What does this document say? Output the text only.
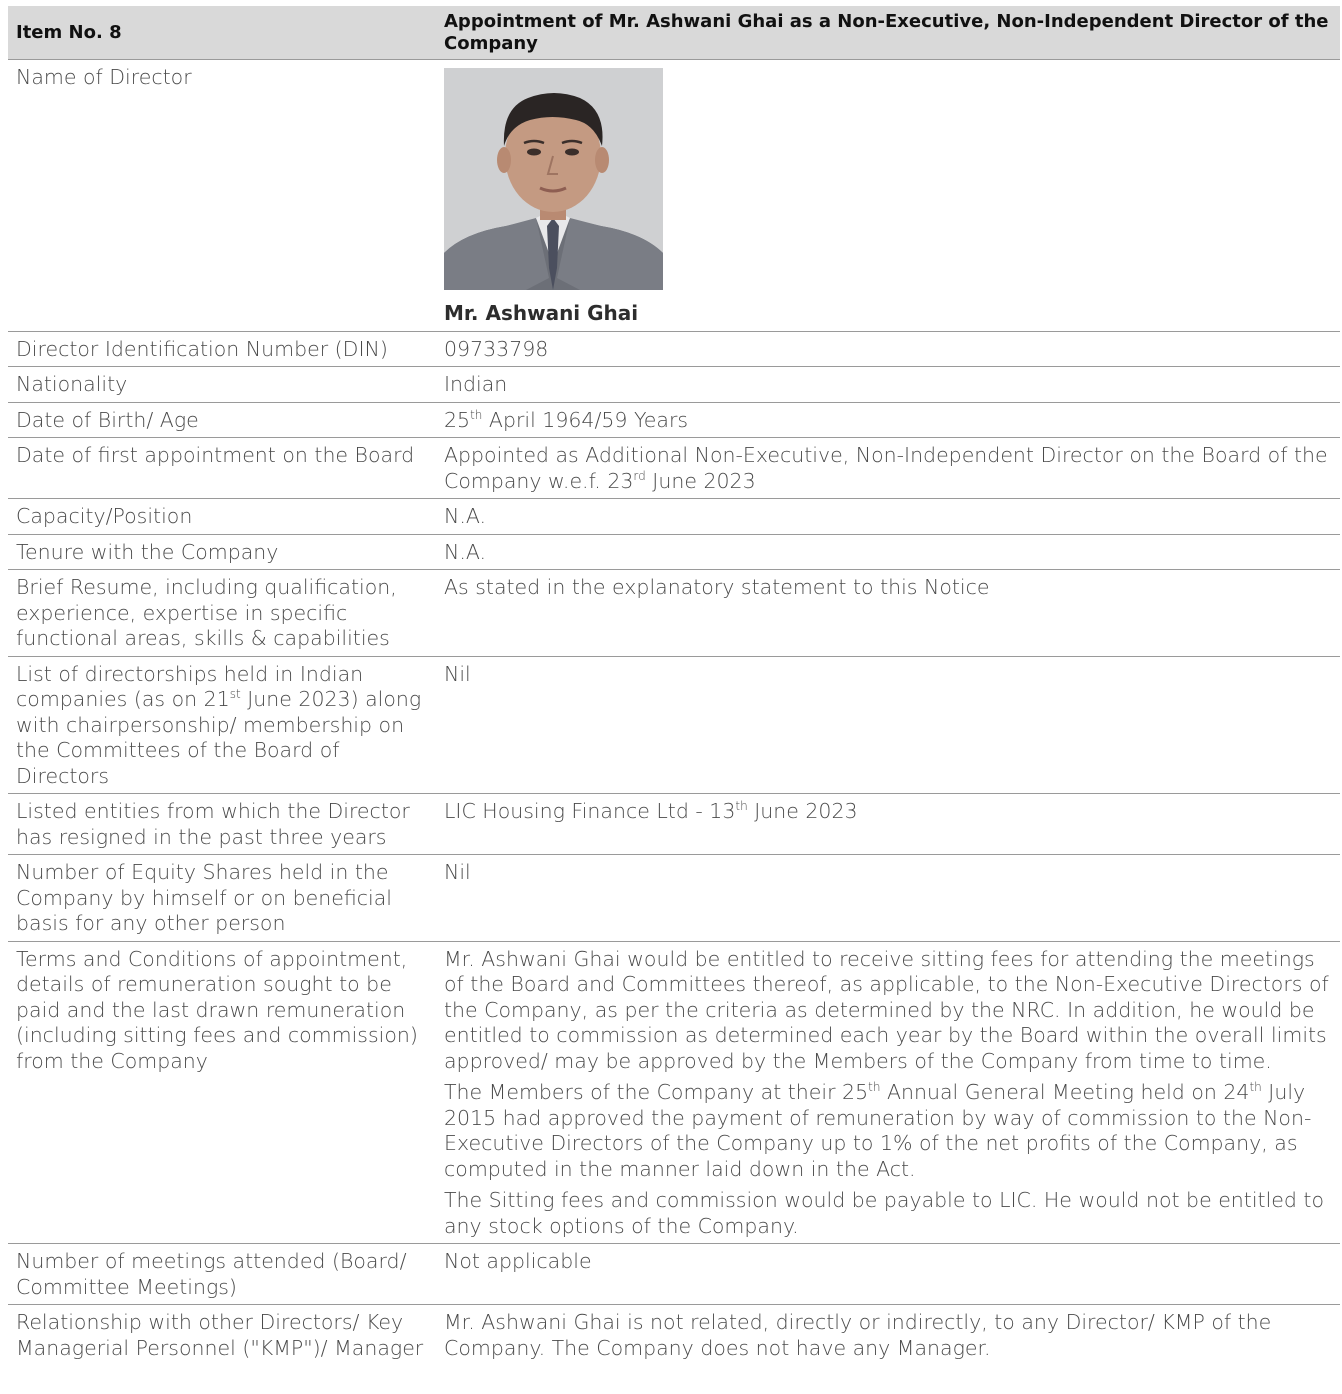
Item No. 8	Appointment of Mr. Ashwani Ghai as a Non-Executive, Non-Independent Director of the Company
Name of Director	Mr. Ashwani Ghai

Director Identification Number (DIN)	09733798
Nationality	Indian
Date of Birth/ Age	25th April 1964/59 Years
Date of first appointment on the Board	Appointed as Additional Non-Executive, Non-Independent Director on the Board of the Company w.e.f. 23rd June 2023
Capacity/Position	N.A.
Tenure with the Company	N.A.
Brief Resume, including qualification, experience, expertise in specific functional areas, skills & capabilities	As stated in the explanatory statement to this Notice
List of directorships held in Indian companies (as on 21st June 2023) along with chairpersonship/ membership on the Committees of the Board of Directors	Nil
Listed entities from which the Director has resigned in the past three years	LIC Housing Finance Ltd - 13th June 2023
Number of Equity Shares held in the Company by himself or on beneficial basis for any other person	Nil
Terms and Conditions of appointment, details of remuneration sought to be paid and the last drawn remuneration (including sitting fees and commission) from the Company	Mr. Ashwani Ghai would be entitled to receive sitting fees for attending the meetings of the Board and Committees thereof, as applicable, to the Non-Executive Directors of the Company, as per the criteria as determined by the NRC. In addition, he would be entitled to commission as determined each year by the Board within the overall limits approved/ may be approved by the Members of the Company from time to time.
The Members of the Company at their 25th Annual General Meeting held on 24th July 2015 had approved the payment of remuneration by way of commission to the Non-Executive Directors of the Company up to 1% of the net profits of the Company, as computed in the manner laid down in the Act.
The Sitting fees and commission would be payable to LIC. He would not be entitled to any stock options of the Company.

Number of meetings attended (Board/ Committee Meetings)	Not applicable
Relationship with other Directors/ Key Managerial Personnel ("KMP")/ Manager	Mr. Ashwani Ghai is not related, directly or indirectly, to any Director/ KMP of the Company. The Company does not have any Manager.
